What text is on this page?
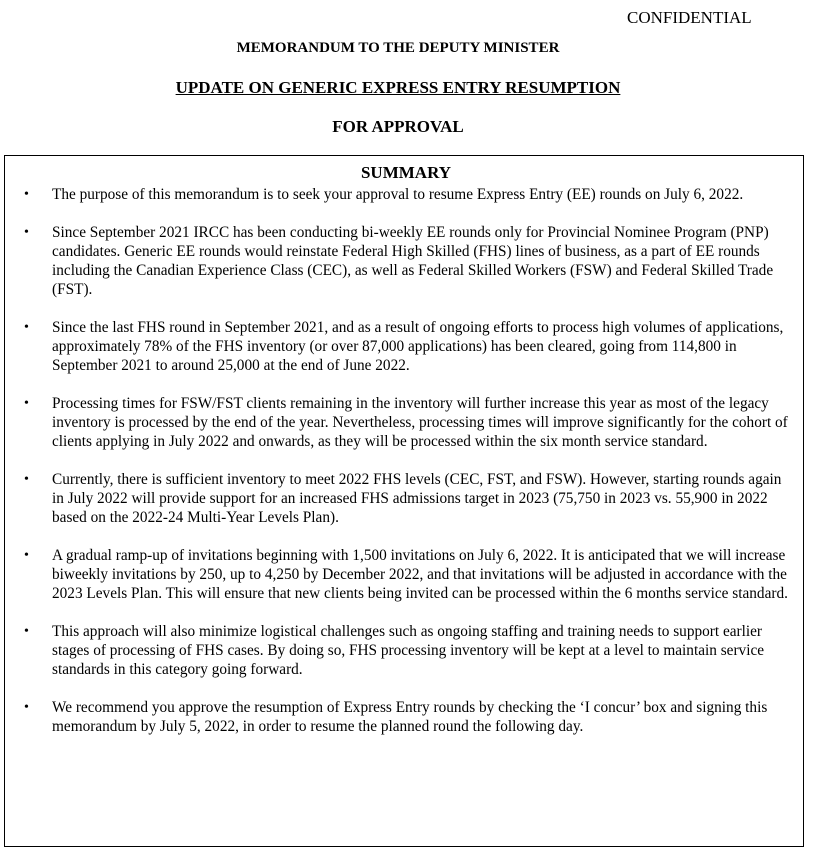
CONFIDENTIAL
MEMORANDUM TO THE DEPUTY MINISTER
UPDATE ON GENERIC EXPRESS ENTRY RESUMPTION
FOR APPROVAL
SUMMARY
• The purpose of this memorandum is to seek your approval to resume Express Entry (EE) rounds on July 6, 2022.
• Since September 2021 IRCC has been conducting bi-weekly EE rounds only for Provincial Nominee Program (PNP) candidates. Generic EE rounds would reinstate Federal High Skilled (FHS) lines of business, as a part of EE rounds including the Canadian Experience Class (CEC), as well as Federal Skilled Workers (FSW) and Federal Skilled Trade (FST).
• Since the last FHS round in September 2021, and as a result of ongoing efforts to process high volumes of applications, approximately 78% of the FHS inventory (or over 87,000 applications) has been cleared, going from 114,800 in September 2021 to around 25,000 at the end of June 2022.
• Processing times for FSW/FST clients remaining in the inventory will further increase this year as most of the legacy inventory is processed by the end of the year. Nevertheless, processing times will improve significantly for the cohort of clients applying in July 2022 and onwards, as they will be processed within the six month service standard.
• Currently, there is sufficient inventory to meet 2022 FHS levels (CEC, FST, and FSW). However, starting rounds again in July 2022 will provide support for an increased FHS admissions target in 2023 (75,750 in 2023 vs. 55,900 in 2022 based on the 2022-24 Multi-Year Levels Plan).
• A gradual ramp-up of invitations beginning with 1,500 invitations on July 6, 2022. It is anticipated that we will increase biweekly invitations by 250, up to 4,250 by December 2022, and that invitations will be adjusted in accordance with the 2023 Levels Plan. This will ensure that new clients being invited can be processed within the 6 months service standard.
• This approach will also minimize logistical challenges such as ongoing staffing and training needs to support earlier stages of processing of FHS cases. By doing so, FHS processing inventory will be kept at a level to maintain service standards in this category going forward.
• We recommend you approve the resumption of Express Entry rounds by checking the ‘I concur’ box and signing this memorandum by July 5, 2022, in order to resume the planned round the following day.
